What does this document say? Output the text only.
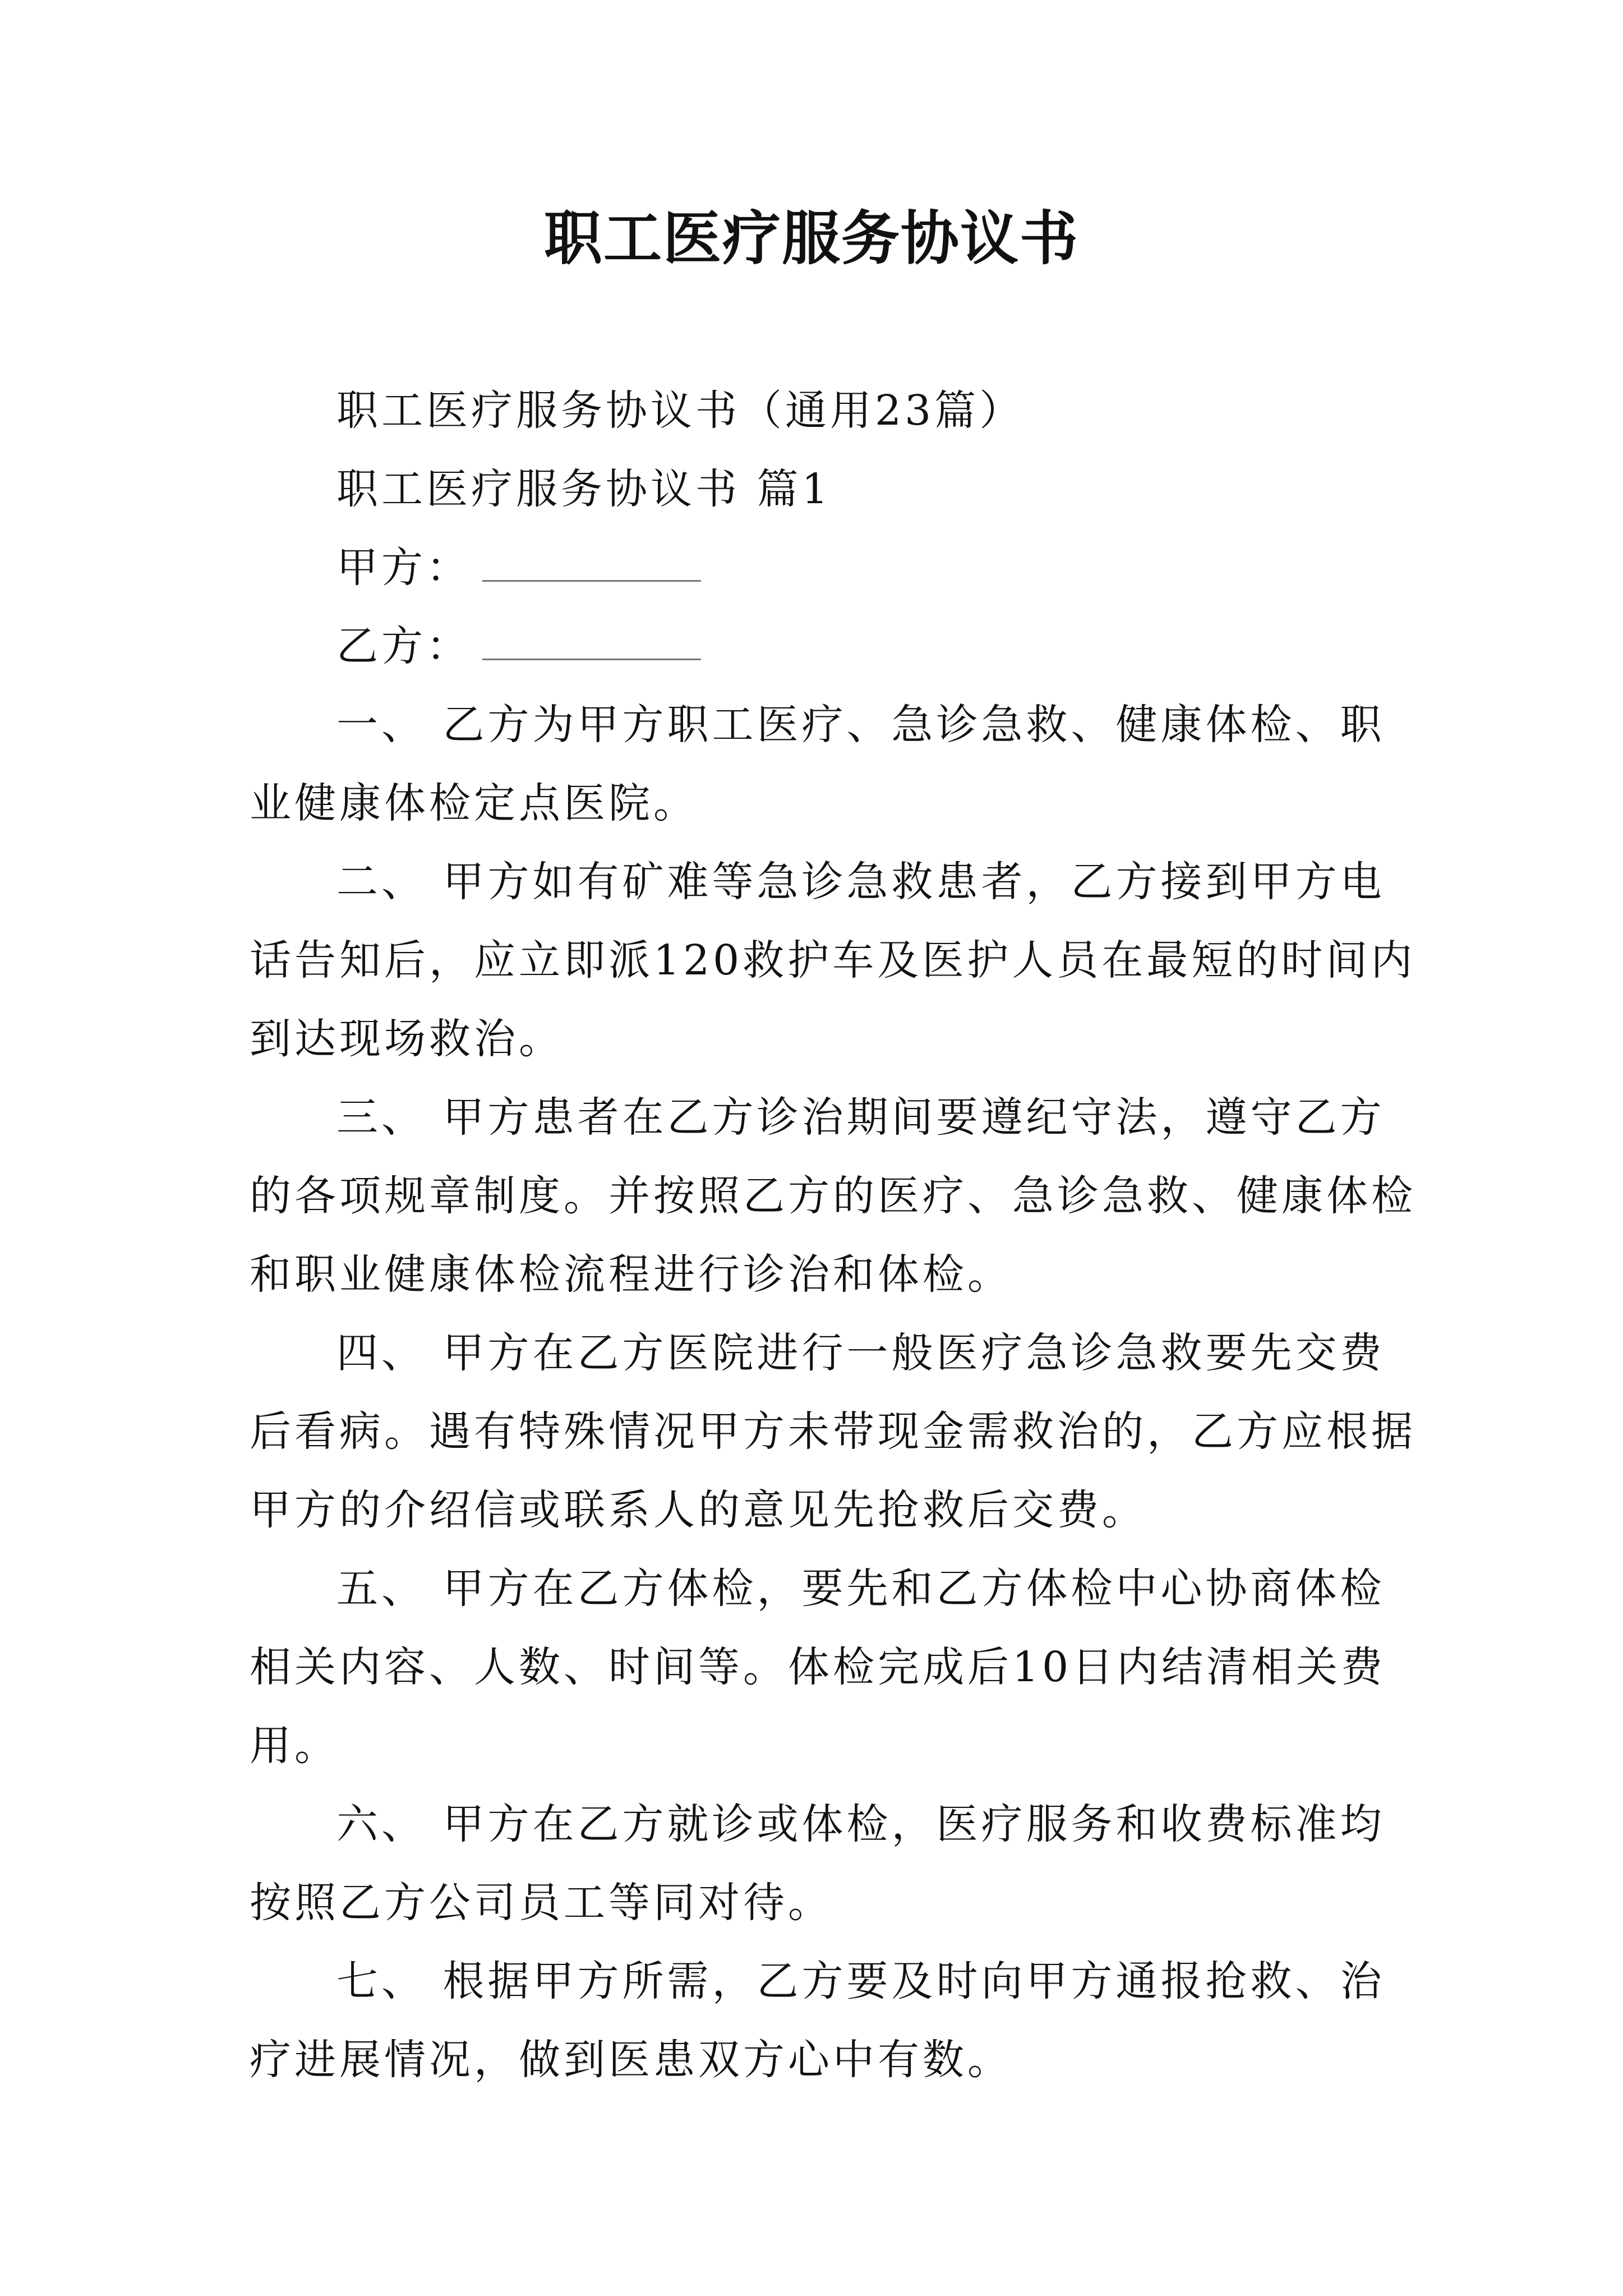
职工医疗服务协议书

职工医疗服务协议书（通用23篇）

职工医疗服务协议书 篇1

甲方：

乙方：

一、 乙方为甲方职工医疗、急诊急救、健康体检、职

业健康体检定点医院。

二、 甲方如有矿难等急诊急救患者，乙方接到甲方电

话告知后，应立即派120救护车及医护人员在最短的时间内

到达现场救治。

三、 甲方患者在乙方诊治期间要遵纪守法，遵守乙方

的各项规章制度。并按照乙方的医疗、急诊急救、健康体检

和职业健康体检流程进行诊治和体检。

四、 甲方在乙方医院进行一般医疗急诊急救要先交费

后看病。遇有特殊情况甲方未带现金需救治的，乙方应根据

甲方的介绍信或联系人的意见先抢救后交费。

五、 甲方在乙方体检，要先和乙方体检中心协商体检

相关内容、人数、时间等。体检完成后10日内结清相关费

用。

六、 甲方在乙方就诊或体检，医疗服务和收费标准均

按照乙方公司员工等同对待。

七、 根据甲方所需，乙方要及时向甲方通报抢救、治

疗进展情况，做到医患双方心中有数。
